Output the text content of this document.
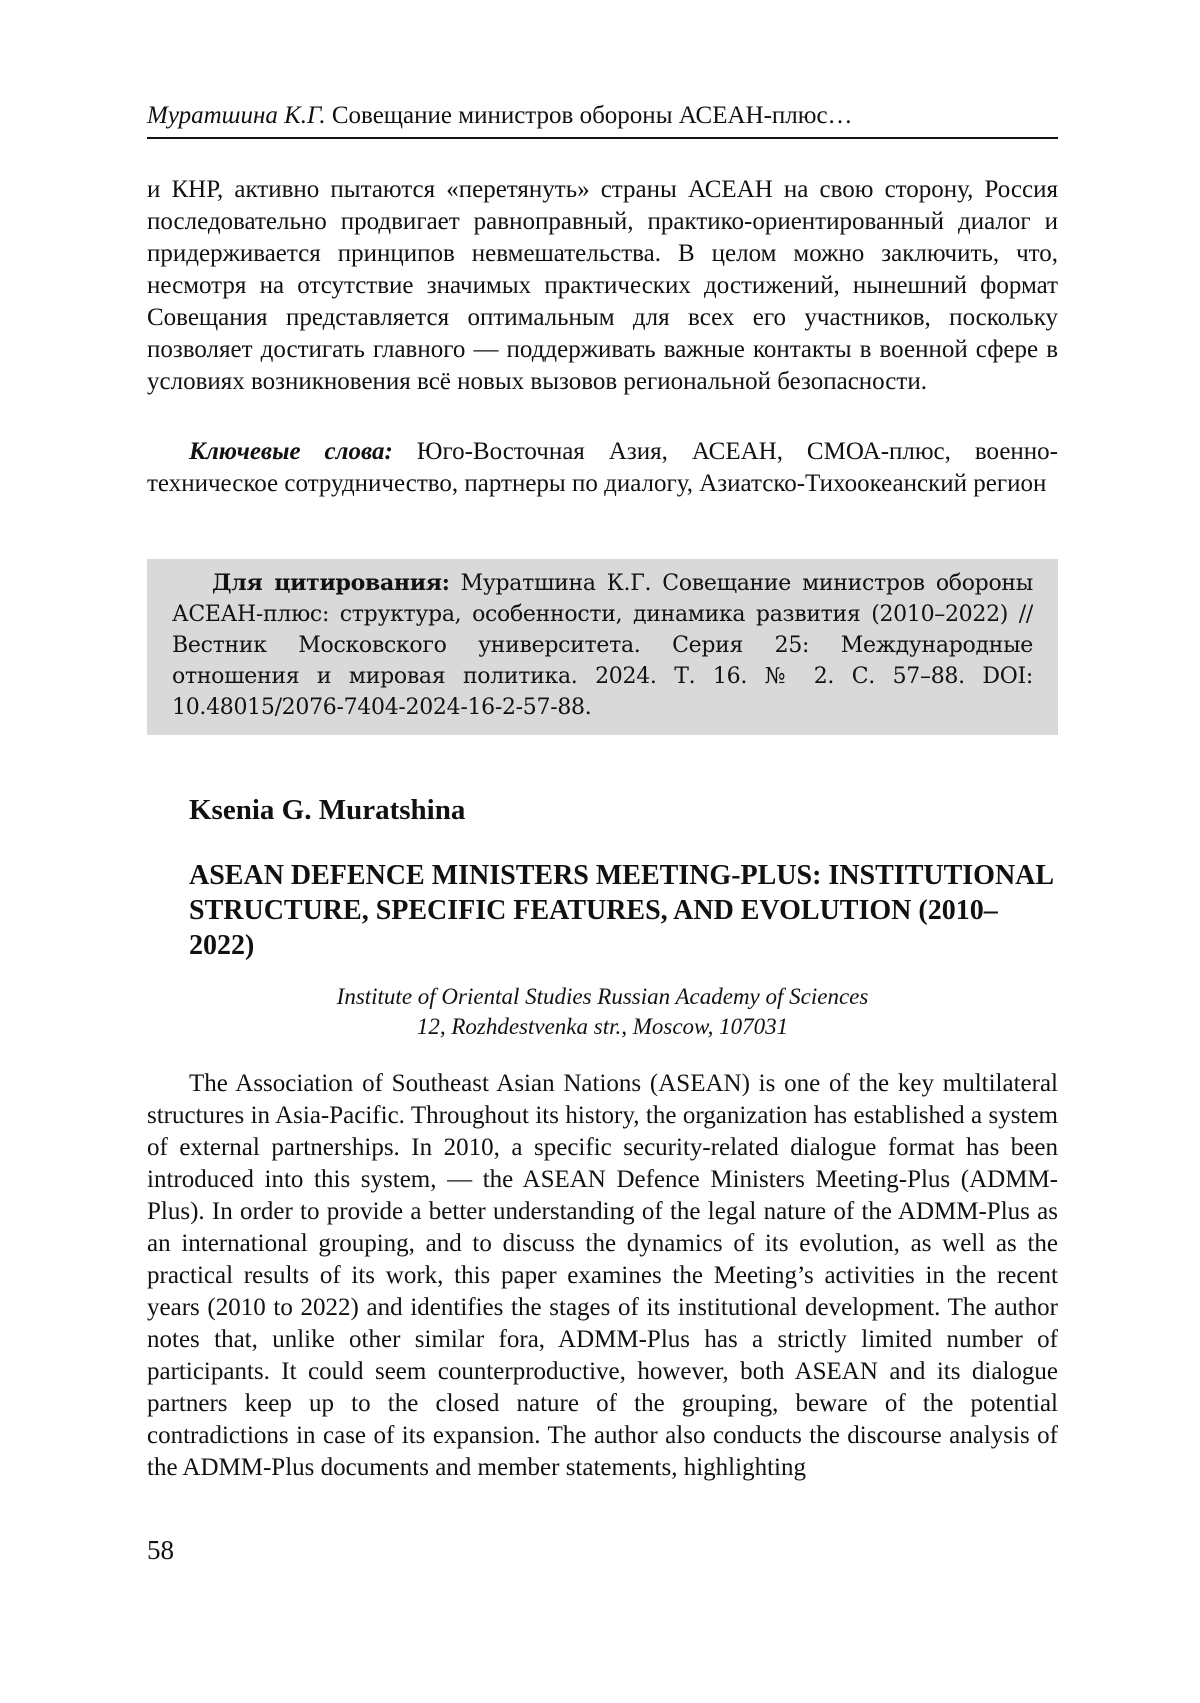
Муратшина К.Г. Совещание министров обороны АСЕАН-плюс…

и КНР, активно пытаются «перетянуть» страны АСЕАН на свою сторону, Россия последовательно продвигает равноправный, практико-ориентированный диалог и придерживается принципов невмешательства. В целом можно заключить, что, несмотря на отсутствие значимых практических достижений, нынешний формат Совещания представляется оптимальным для всех его участников, поскольку позволяет достигать главного — поддерживать важные контакты в военной сфере в условиях возникновения всё новых вызовов региональной безопасности.

Ключевые слова: Юго-Восточная Азия, АСЕАН, СМОА-плюс, военно-техническое сотрудничество, партнеры по диалогу, Азиатско-Тихоокеанский регион

Для цитирования: Муратшина К.Г. Совещание министров обороны АСЕАН-плюс: структура, особенности, динамика развития (2010–2022) // Вестник Московского университета. Серия 25: Международные отношения и мировая политика. 2024. Т. 16. № 2. С. 57–88. DOI: 10.48015/2076-7404-2024-16-2-57-88.

Ksenia G. Muratshina
ASEAN DEFENCE MINISTERS MEETING-PLUS: INSTITUTIONAL STRUCTURE, SPECIFIC FEATURES, AND EVOLUTION (2010–2022)
Institute of Oriental Studies Russian Academy of Sciences
12, Rozhdestvenka str., Moscow, 107031

The Association of Southeast Asian Nations (ASEAN) is one of the key multilateral structures in Asia-Pacific. Throughout its history, the organization has established a system of external partnerships. In 2010, a specific security-related dialogue format has been introduced into this system, — the ASEAN Defence Ministers Meeting-Plus (ADMM-Plus). In order to provide a better understanding of the legal nature of the ADMM-Plus as an international grouping, and to discuss the dynamics of its evolution, as well as the practical results of its work, this paper examines the Meeting’s activities in the recent years (2010 to 2022) and identifies the stages of its institutional development. The author notes that, unlike other similar fora, ADMM-Plus has a strictly limited number of participants. It could seem counterproductive, however, both ASEAN and its dialogue partners keep up to the closed nature of the grouping, beware of the potential contradictions in case of its expansion. The author also conducts the discourse analysis of the ADMM-Plus documents and member statements, highlighting

58
